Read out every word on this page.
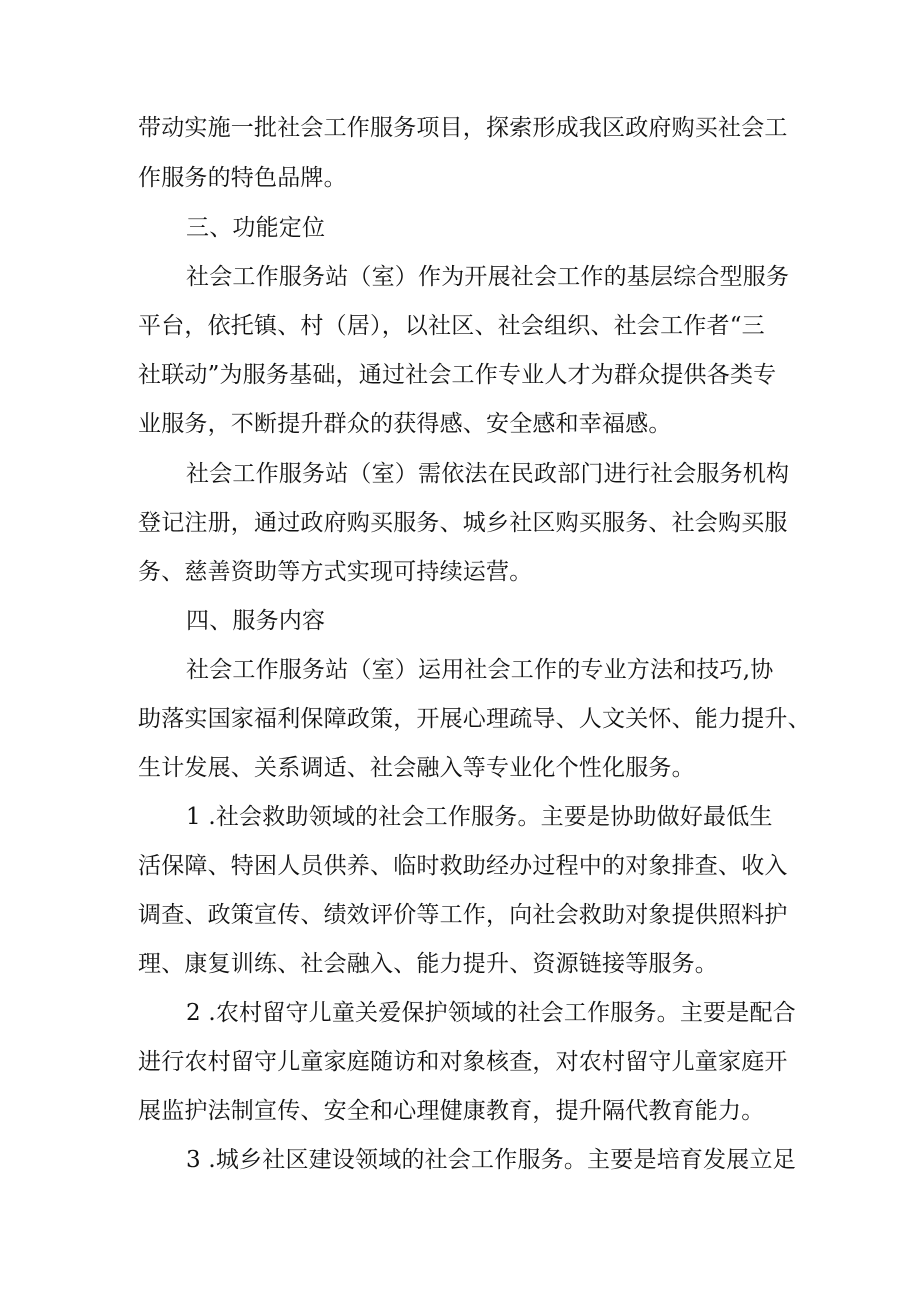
带动实施一批社会工作服务项目，探索形成我区政府购买社会工
作服务的特色品牌。
三、功能定位
社会工作服务站（室）作为开展社会工作的基层综合型服务
平台，依托镇、村（居），以社区、社会组织、社会工作者“三
社联动”为服务基础，通过社会工作专业人才为群众提供各类专
业服务，不断提升群众的获得感、安全感和幸福感。
社会工作服务站（室）需依法在民政部门进行社会服务机构
登记注册，通过政府购买服务、城乡社区购买服务、社会购买服
务、慈善资助等方式实现可持续运营。
四、服务内容
社会工作服务站（室）运用社会工作的专业方法和技巧,协
助落实国家福利保障政策，开展心理疏导、人文关怀、能力提升、
生计发展、关系调适、社会融入等专业化个性化服务。
1 .社会救助领域的社会工作服务。主要是协助做好最低生
活保障、特困人员供养、临时救助经办过程中的对象排查、收入
调查、政策宣传、绩效评价等工作，向社会救助对象提供照料护
理、康复训练、社会融入、能力提升、资源链接等服务。
2 .农村留守儿童关爱保护领域的社会工作服务。主要是配合
进行农村留守儿童家庭随访和对象核查，对农村留守儿童家庭开
展监护法制宣传、安全和心理健康教育，提升隔代教育能力。
3 .城乡社区建设领域的社会工作服务。主要是培育发展立足
